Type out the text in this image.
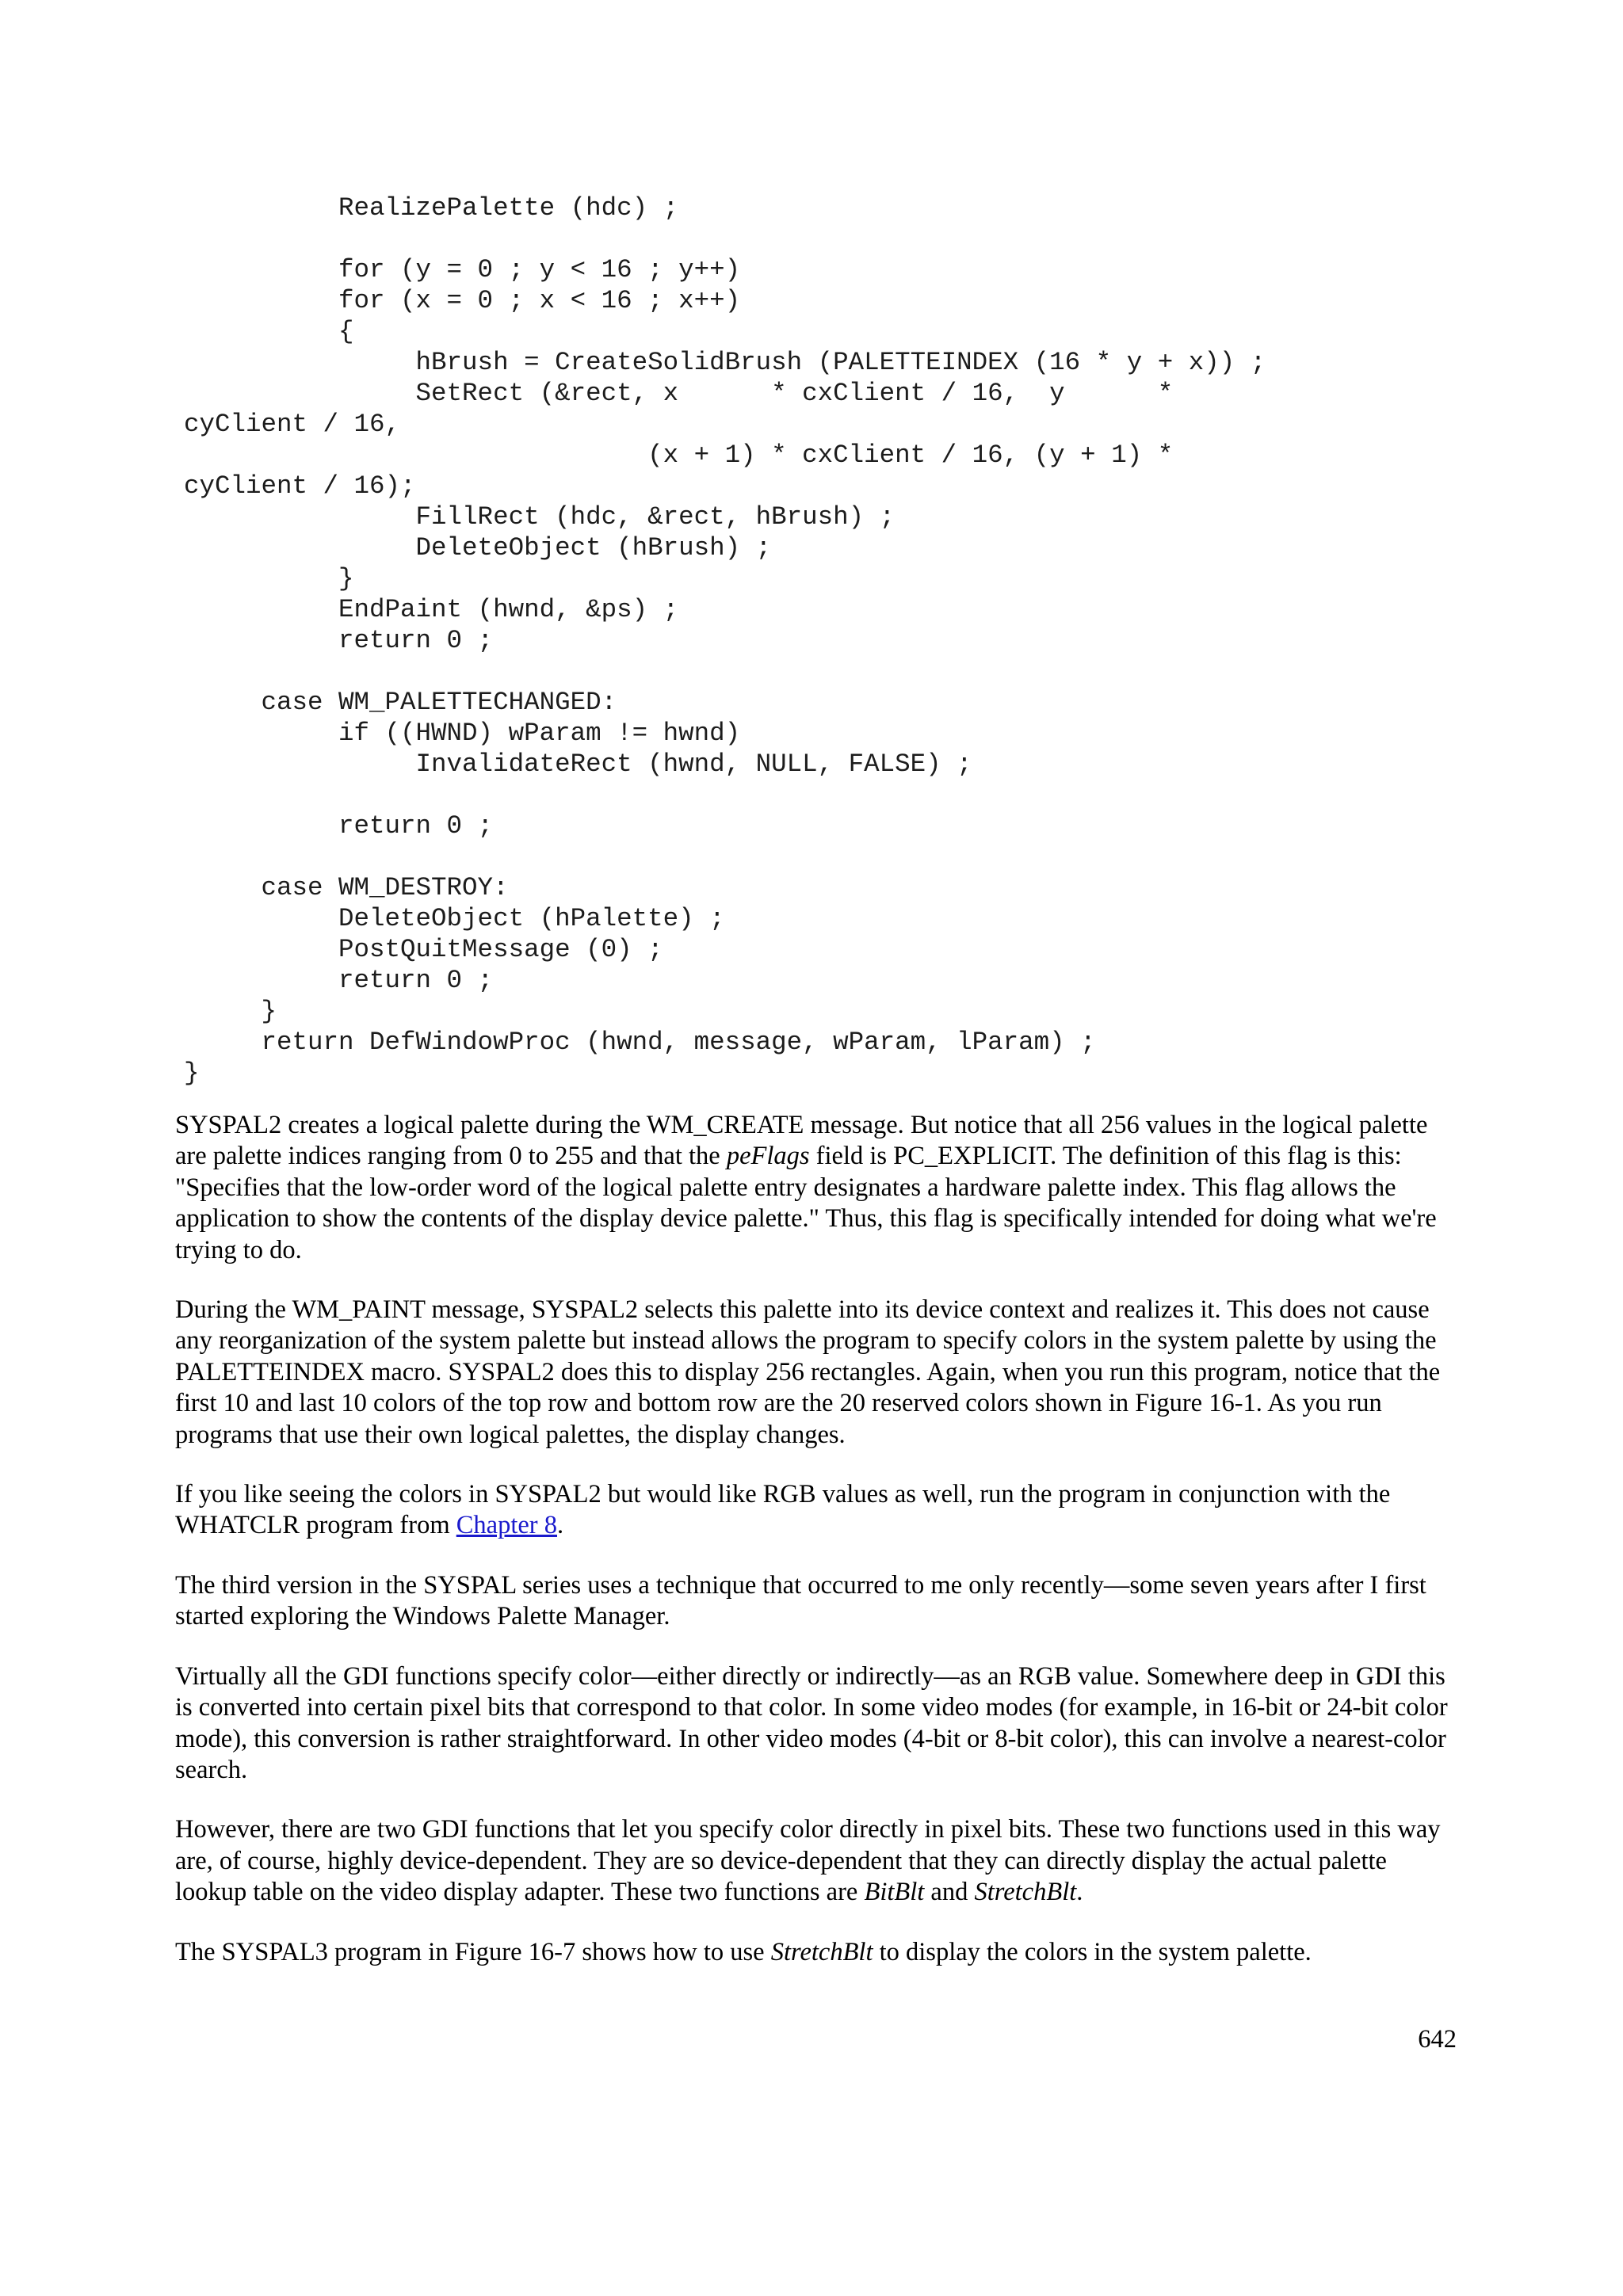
RealizePalette (hdc) ;
for (y = 0 ; y < 16 ; y++)
for (x = 0 ; x < 16 ; x++)
{
hBrush = CreateSolidBrush (PALETTEINDEX (16 * y + x)) ;
SetRect (&rect, x      * cxClient / 16,  y      *
cyClient / 16,
(x + 1) * cxClient / 16, (y + 1) *
cyClient / 16);
FillRect (hdc, &rect, hBrush) ;
DeleteObject (hBrush) ;
}
EndPaint (hwnd, &ps) ;
return 0 ;
case WM_PALETTECHANGED:
if ((HWND) wParam != hwnd)
InvalidateRect (hwnd, NULL, FALSE) ;
return 0 ;
case WM_DESTROY:
DeleteObject (hPalette) ;
PostQuitMessage (0) ;
return 0 ;
}
return DefWindowProc (hwnd, message, wParam, lParam) ;
}

SYSPAL2 creates a logical palette during the WM_CREATE message. But notice that all 256 values in the logical palette are palette indices ranging from 0 to 255 and that the peFlags field is PC_EXPLICIT. The definition of this flag is this: "Specifies that the low-order word of the logical palette entry designates a hardware palette index. This flag allows the application to show the contents of the display device palette." Thus, this flag is specifically intended for doing what we're trying to do.

During the WM_PAINT message, SYSPAL2 selects this palette into its device context and realizes it. This does not cause any reorganization of the system palette but instead allows the program to specify colors in the system palette by using the PALETTEINDEX macro. SYSPAL2 does this to display 256 rectangles. Again, when you run this program, notice that the first 10 and last 10 colors of the top row and bottom row are the 20 reserved colors shown in Figure 16-1. As you run programs that use their own logical palettes, the display changes.

If you like seeing the colors in SYSPAL2 but would like RGB values as well, run the program in conjunction with the WHATCLR program from Chapter 8.

The third version in the SYSPAL series uses a technique that occurred to me only recently—some seven years after I first started exploring the Windows Palette Manager.

Virtually all the GDI functions specify color—either directly or indirectly—as an RGB value. Somewhere deep in GDI this is converted into certain pixel bits that correspond to that color. In some video modes (for example, in 16-bit or 24-bit color mode), this conversion is rather straightforward. In other video modes (4-bit or 8-bit color), this can involve a nearest-color search.

However, there are two GDI functions that let you specify color directly in pixel bits. These two functions used in this way are, of course, highly device-dependent. They are so device-dependent that they can directly display the actual palette lookup table on the video display adapter. These two functions are BitBlt and StretchBlt.

The SYSPAL3 program in Figure 16-7 shows how to use StretchBlt to display the colors in the system palette.

642
